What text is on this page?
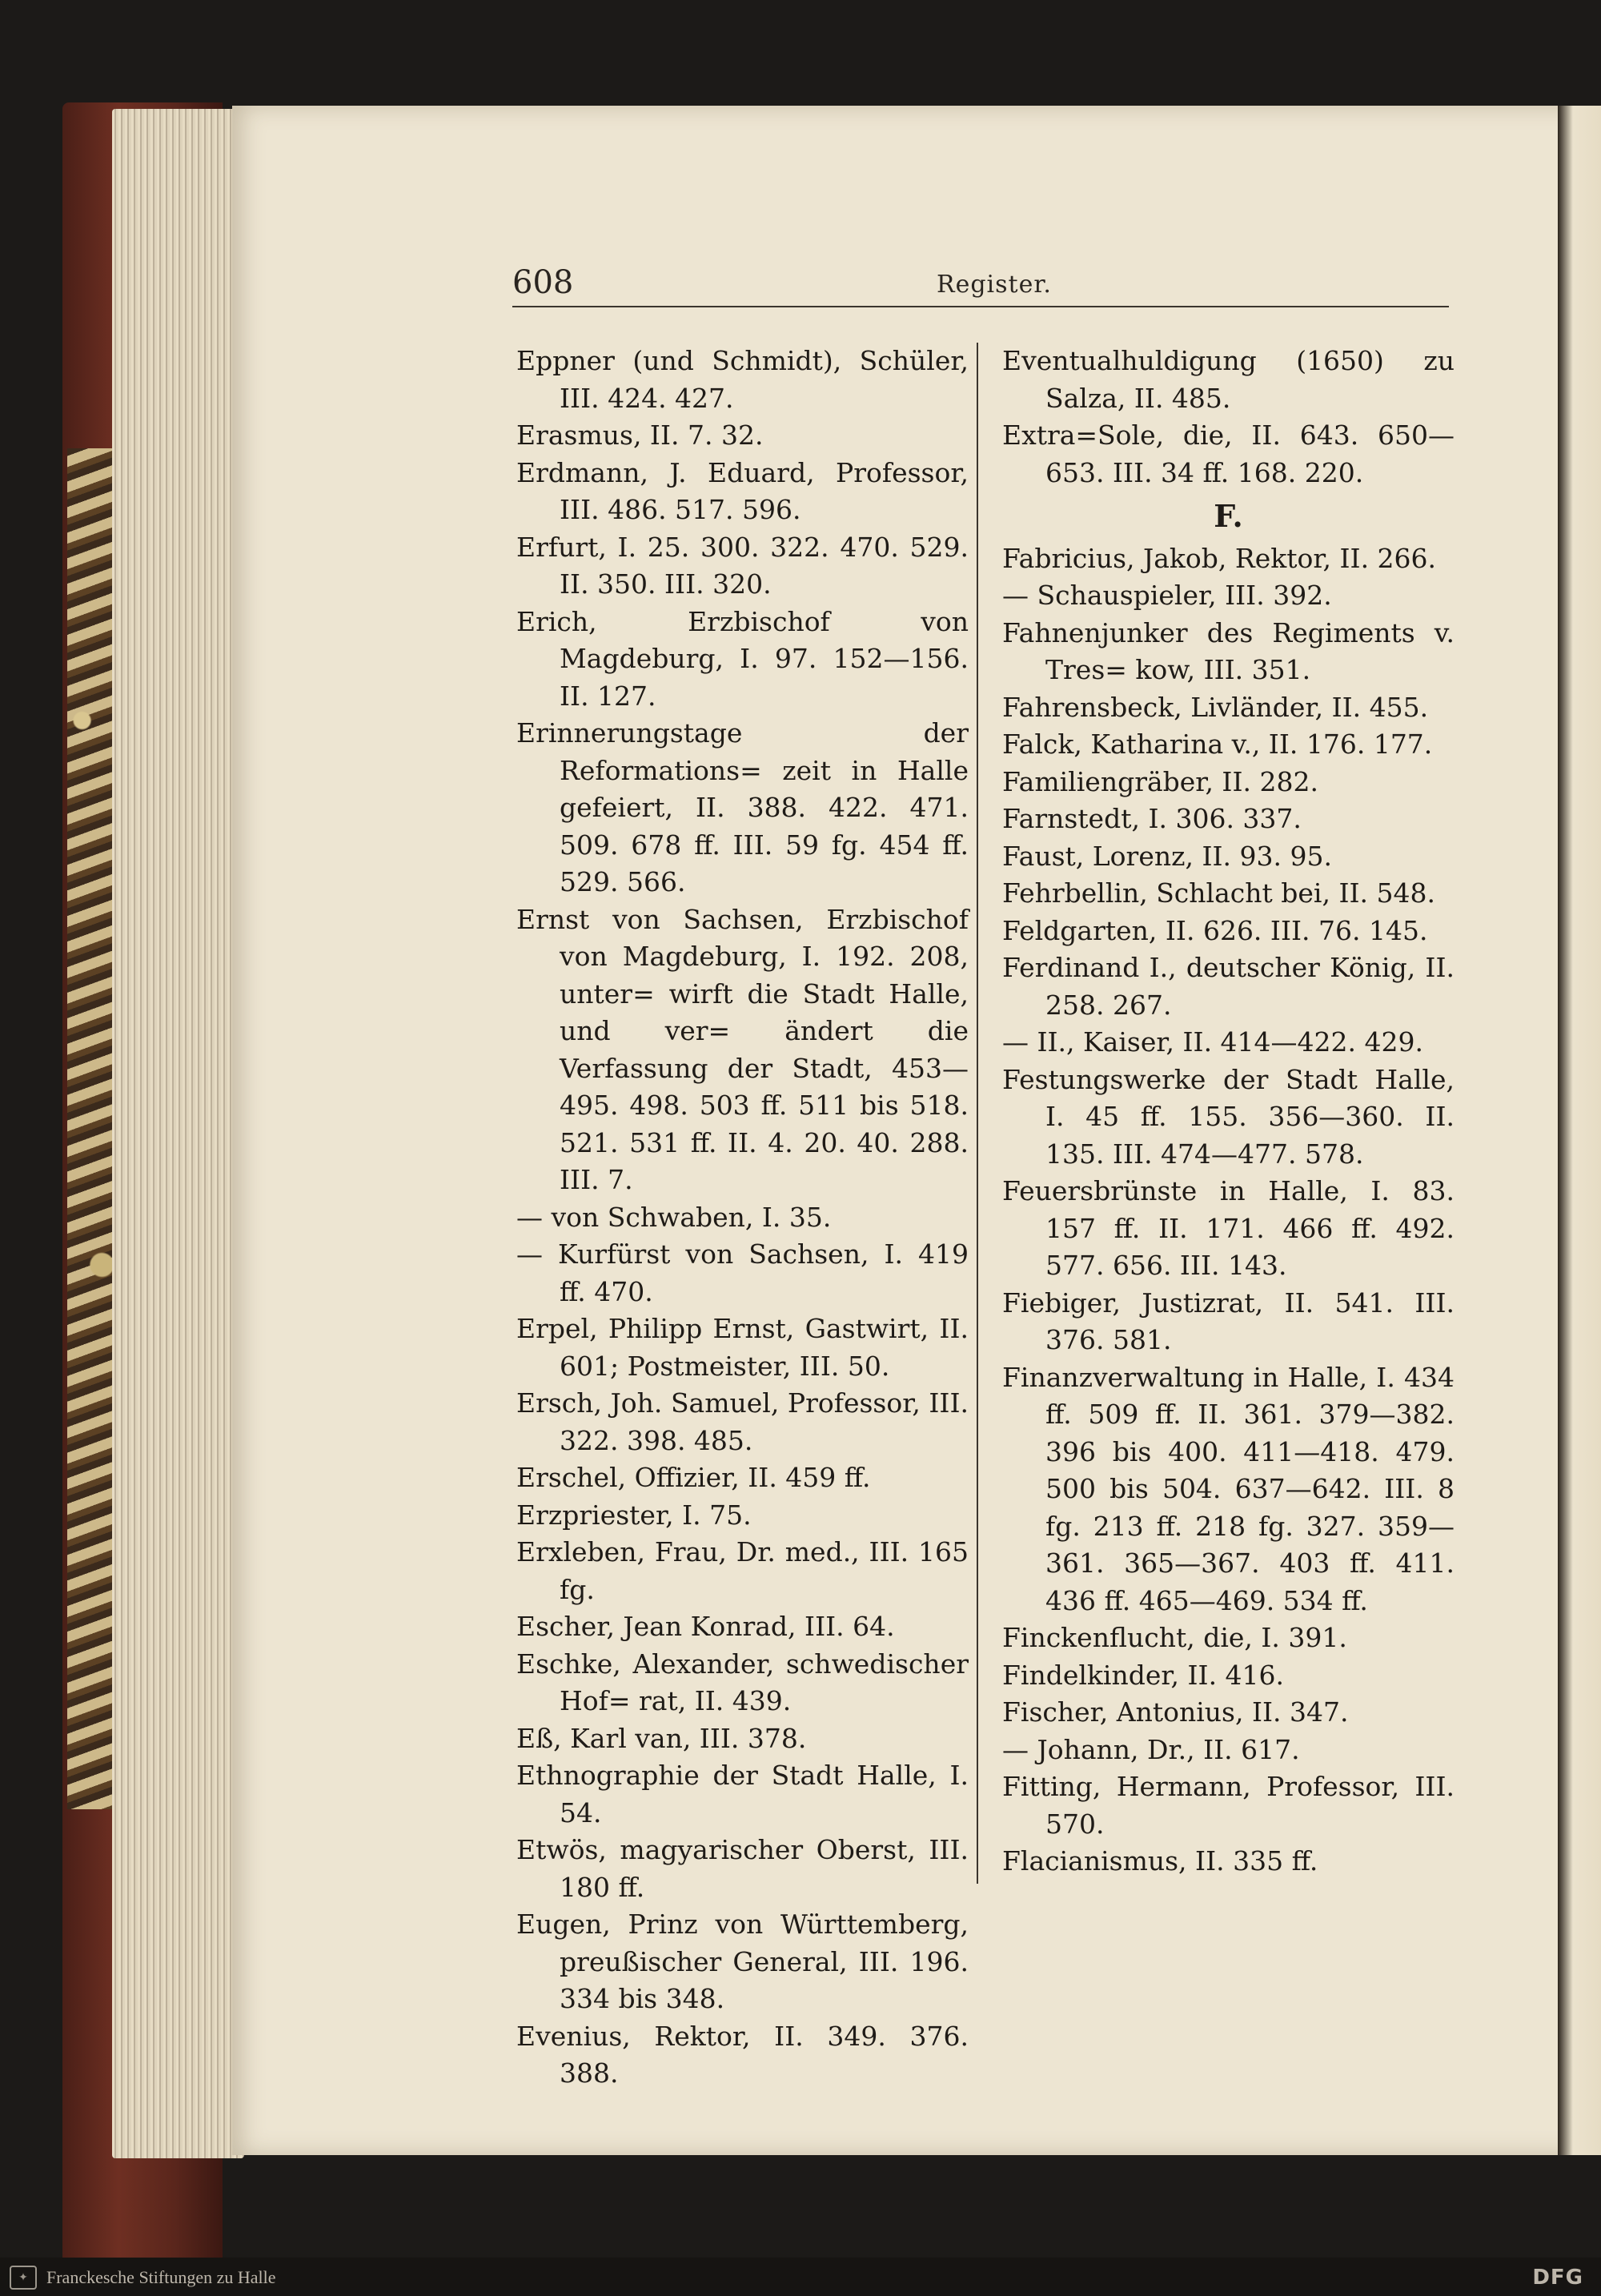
608	Register.

Eppner (und Schmidt), Schüler, III. 424. 427.

Erasmus, II. 7. 32.

Erdmann, J. Eduard, Professor, III. 486. 517. 596.

Erfurt, I. 25. 300. 322. 470. 529. II. 350. III. 320.

Erich, Erzbischof von Magdeburg, I. 97. 152—156. II. 127.

Erinnerungstage der Reformations= zeit in Halle gefeiert, II. 388. 422. 471. 509. 678 ff. III. 59 fg. 454 ff. 529. 566.

Ernst von Sachsen, Erzbischof von Magdeburg, I. 192. 208, unter= wirft die Stadt Halle, und ver= ändert die Verfassung der Stadt, 453—495. 498. 503 ff. 511 bis 518. 521. 531 ff. II. 4. 20. 40. 288. III. 7.

— von Schwaben, I. 35.

— Kurfürst von Sachsen, I. 419 ff. 470.

Erpel, Philipp Ernst, Gastwirt, II. 601; Postmeister, III. 50.

Ersch, Joh. Samuel, Professor, III. 322. 398. 485.

Erschel, Offizier, II. 459 ff.

Erzpriester, I. 75.

Erxleben, Frau, Dr. med., III. 165 fg.

Escher, Jean Konrad, III. 64.

Eschke, Alexander, schwedischer Hof= rat, II. 439.

Eß, Karl van, III. 378.

Ethnographie der Stadt Halle, I. 54.

Etwös, magyarischer Oberst, III. 180 ff.

Eugen, Prinz von Württemberg, preußischer General, III. 196. 334 bis 348.

Evenius, Rektor, II. 349. 376. 388.

Eventualhuldigung (1650) zu Salza, II. 485.

Extra=Sole, die, II. 643. 650—653. III. 34 ff. 168. 220.

F.

Fabricius, Jakob, Rektor, II. 266.

— Schauspieler, III. 392.

Fahnenjunker des Regiments v. Tres= kow, III. 351.

Fahrensbeck, Livländer, II. 455.

Falck, Katharina v., II. 176. 177.

Familiengräber, II. 282.

Farnstedt, I. 306. 337.

Faust, Lorenz, II. 93. 95.

Fehrbellin, Schlacht bei, II. 548.

Feldgarten, II. 626. III. 76. 145.

Ferdinand I., deutscher König, II. 258. 267.

— II., Kaiser, II. 414—422. 429.

Festungswerke der Stadt Halle, I. 45 ff. 155. 356—360. II. 135. III. 474—477. 578.

Feuersbrünste in Halle, I. 83. 157 ff. II. 171. 466 ff. 492. 577. 656. III. 143.

Fiebiger, Justizrat, II. 541. III. 376. 581.

Finanzverwaltung in Halle, I. 434 ff. 509 ff. II. 361. 379—382. 396 bis 400. 411—418. 479. 500 bis 504. 637—642. III. 8 fg. 213 ff. 218 fg. 327. 359—361. 365—367. 403 ff. 411. 436 ff. 465—469. 534 ff.

Finckenflucht, die, I. 391.

Findelkinder, II. 416.

Fischer, Antonius, II. 347.

— Johann, Dr., II. 617.

Fitting, Hermann, Professor, III. 570.

Flacianismus, II. 335 ff.

✦	Franckesche Stiftungen zu Halle	DFG
